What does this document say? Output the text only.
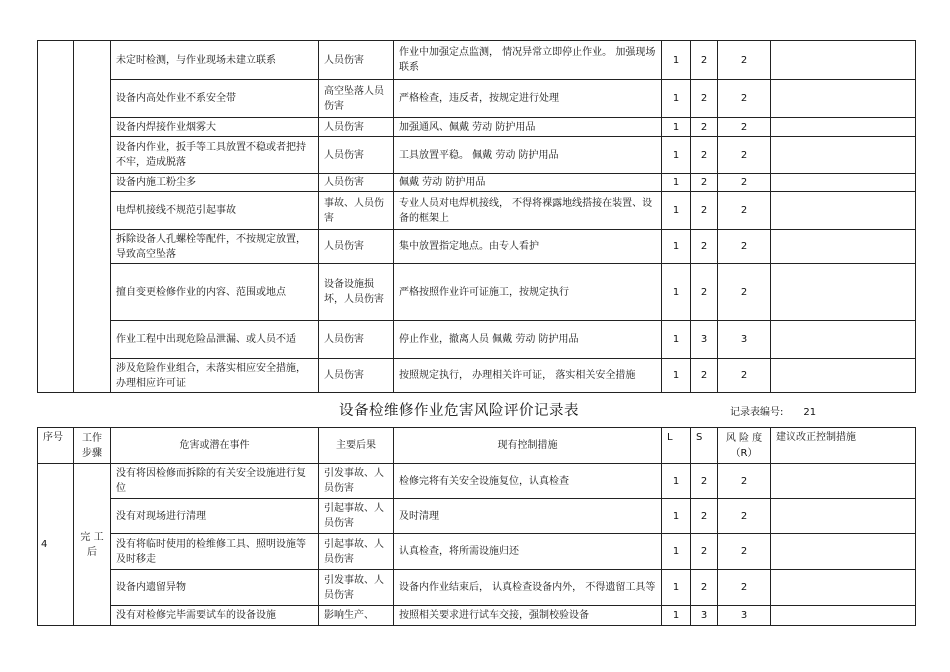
		未定时检测，与作业现场未建立联系	人员伤害	作业中加强定点监测， 情况异常立即停止作业。 加强现场联系	1	2	2	
		设备内高处作业不系安全带	高空坠落人员伤害	严格检查，违反者，按规定进行处理	1	2	2	
		设备内焊接作业烟雾大	人员伤害	加强通风、佩戴 劳动 防护用品	1	2	2	
		设备内作业，扳手等工具放置不稳或者把持不牢，造成脱落	人员伤害	工具放置平稳。 佩戴 劳动 防护用品	1	2	2	
		设备内施工粉尘多	人员伤害	佩戴 劳动 防护用品	1	2	2	
		电焊机接线不规范引起事故	事故、人员伤害	专业人员对电焊机接线， 不得将裸露地线搭接在装置、设备的框架上	1	2	2	
		拆除设备人孔螺栓等配件，不按规定放置，导致高空坠落	人员伤害	集中放置指定地点。由专人看护	1	2	2	
		擅自变更检修作业的内容、范围或地点	设备设施损坏，人员伤害	严格按照作业许可证施工，按规定执行	1	2	2	
		作业工程中出现危险品泄漏、或人员不适	人员伤害	停止作业，撤离人员 佩戴 劳动 防护用品	1	3	3	
		涉及危险作业组合，未落实相应安全措施，办理相应许可证	人员伤害	按照规定执行， 办理相关许可证， 落实相关安全措施	1	2	2	
设备检维修作业危害风险评价记录表	记录表编号: 21
序号	工作步骤	危害或潜在事件	主要后果	现有控制措施	L	S	风 险 度（R）	建议改正控制措施
4	完 工后	没有将因检修而拆除的有关安全设施进行复位	引发事故、人员伤害	检修完将有关安全设施复位，认真检查	1	2	2	
		没有对现场进行清理	引起事故、人员伤害	及时清理	1	2	2	
		没有将临时使用的检维修工具、照明设施等及时移走	引起事故、人员伤害	认真检查，将所需设施归还	1	2	2	
		设备内遗留异物	引发事故、人员伤害	设备内作业结束后， 认真检查设备内外， 不得遗留工具等	1	2	2	
		没有对检修完毕需要试车的设备设施	影响生产、	按照相关要求进行试车交接，强制校验设备	1	3	3	
